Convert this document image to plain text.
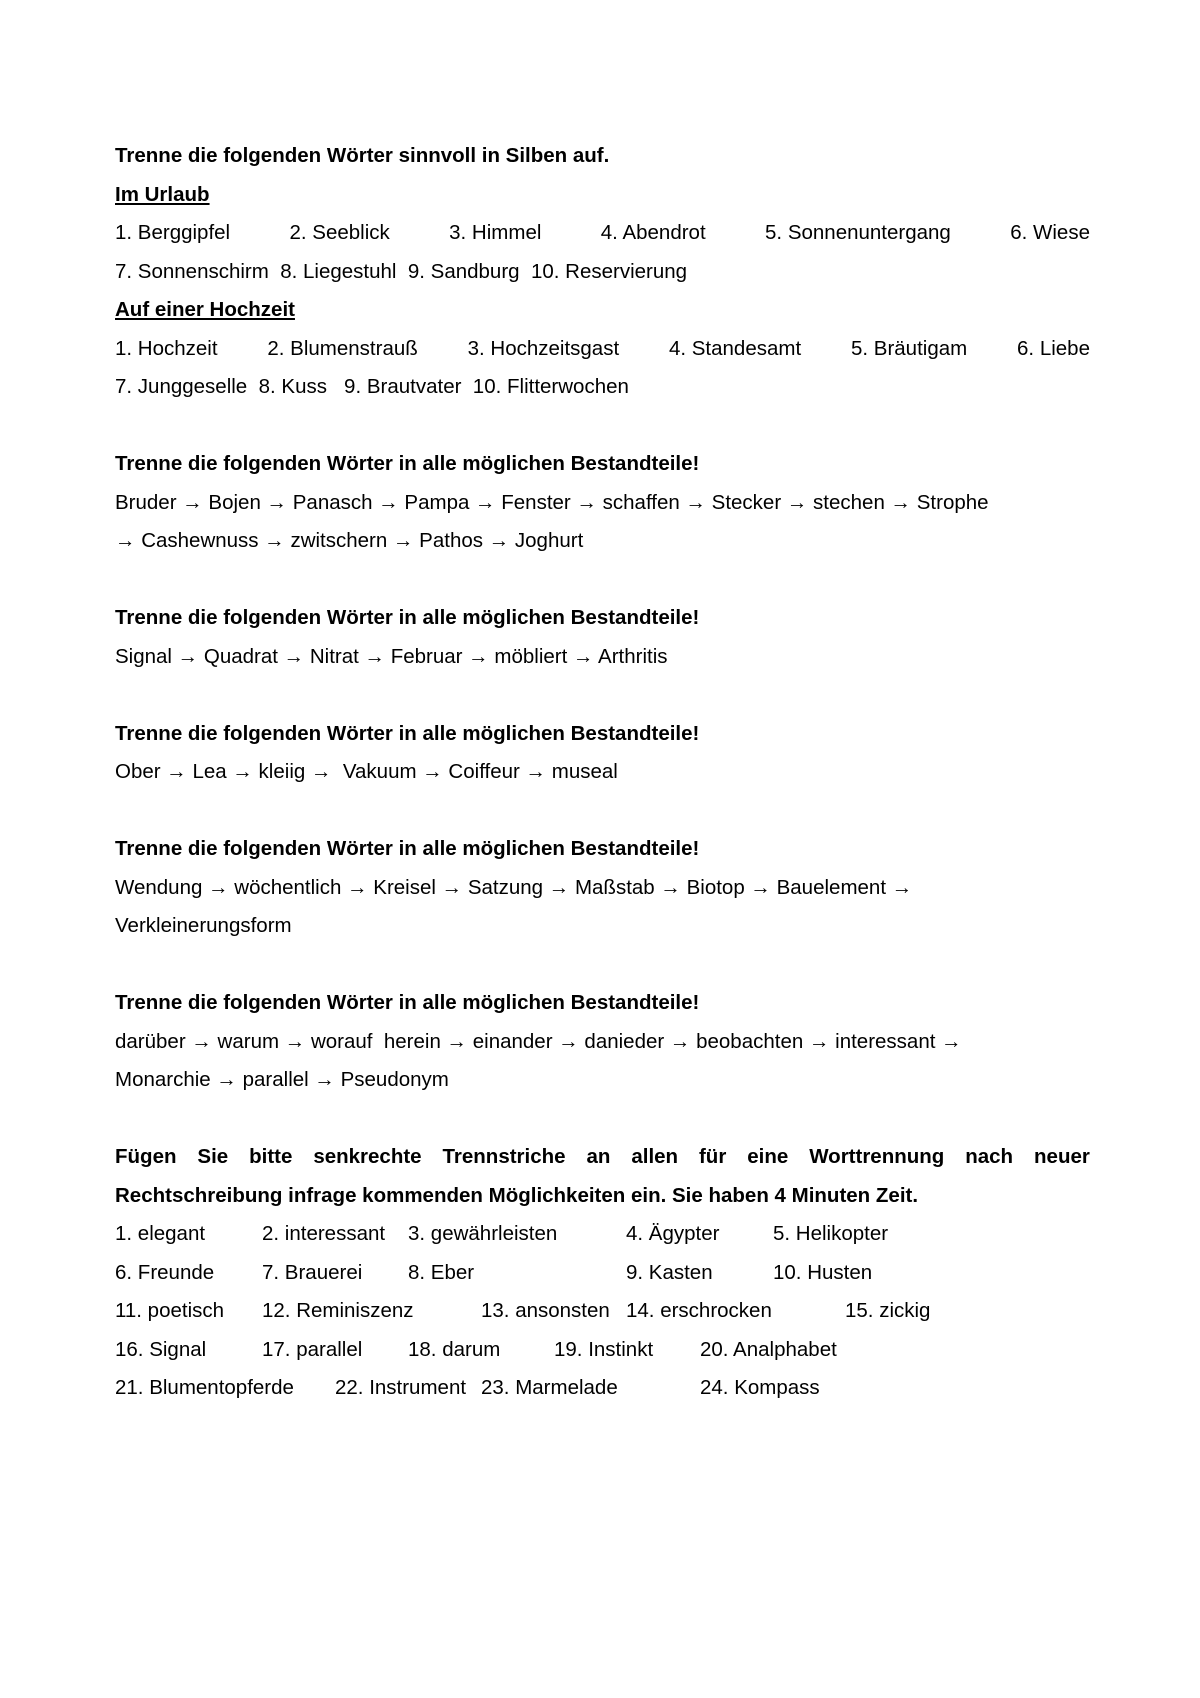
Trenne die folgenden Wörter sinnvoll in Silben auf.
Im Urlaub
1. Berggipfel	2. Seeblick	3. Himmel	4. Abendrot	5. Sonnenuntergang	6. Wiese
7. Sonnenschirm  8. Liegestuhl  9. Sandburg  10. Reservierung
Auf einer Hochzeit
1. Hochzeit 2. Blumenstrauß 3. Hochzeitsgast 4. Standesamt 5. Bräutigam 6. Liebe
7. Junggeselle  8. Kuss   9. Brautvater  10. Flitterwochen
Trenne die folgenden Wörter in alle möglichen Bestandteile!
Bruder → Bojen → Panasch → Pampa → Fenster → schaffen → Stecker → stechen → Strophe
→ Cashewnuss → zwitschern → Pathos → Joghurt
Trenne die folgenden Wörter in alle möglichen Bestandteile!
Signal → Quadrat → Nitrat → Februar → möbliert → Arthritis
Trenne die folgenden Wörter in alle möglichen Bestandteile!
Ober → Lea → kleiig →  Vakuum → Coiffeur → museal
Trenne die folgenden Wörter in alle möglichen Bestandteile!
Wendung → wöchentlich → Kreisel → Satzung → Maßstab → Biotop → Bauelement →
Verkleinerungsform
Trenne die folgenden Wörter in alle möglichen Bestandteile!
darüber → warum → worauf  herein → einander → danieder → beobachten → interessant →
Monarchie → parallel → Pseudonym
Fügen Sie bitte senkrechte Trennstriche an allen für eine Worttrennung nach neuer
Rechtschreibung infrage kommenden Möglichkeiten ein. Sie haben 4 Minuten Zeit.
1. elegant	2. interessant 3. gewährleisten	4. Ägypter	5. Helikopter
6. Freunde 7. Brauerei 8. Eber	9. Kasten	10. Husten
11. poetisch 12. Reminiszenz	13. ansonsten 14. erschrocken	15. zickig
16. Signal	17. parallel 18. darum	19. Instinkt 20. Analphabet
21. Blumentopferde 22. Instrument 23. Marmelade	24. Kompass
